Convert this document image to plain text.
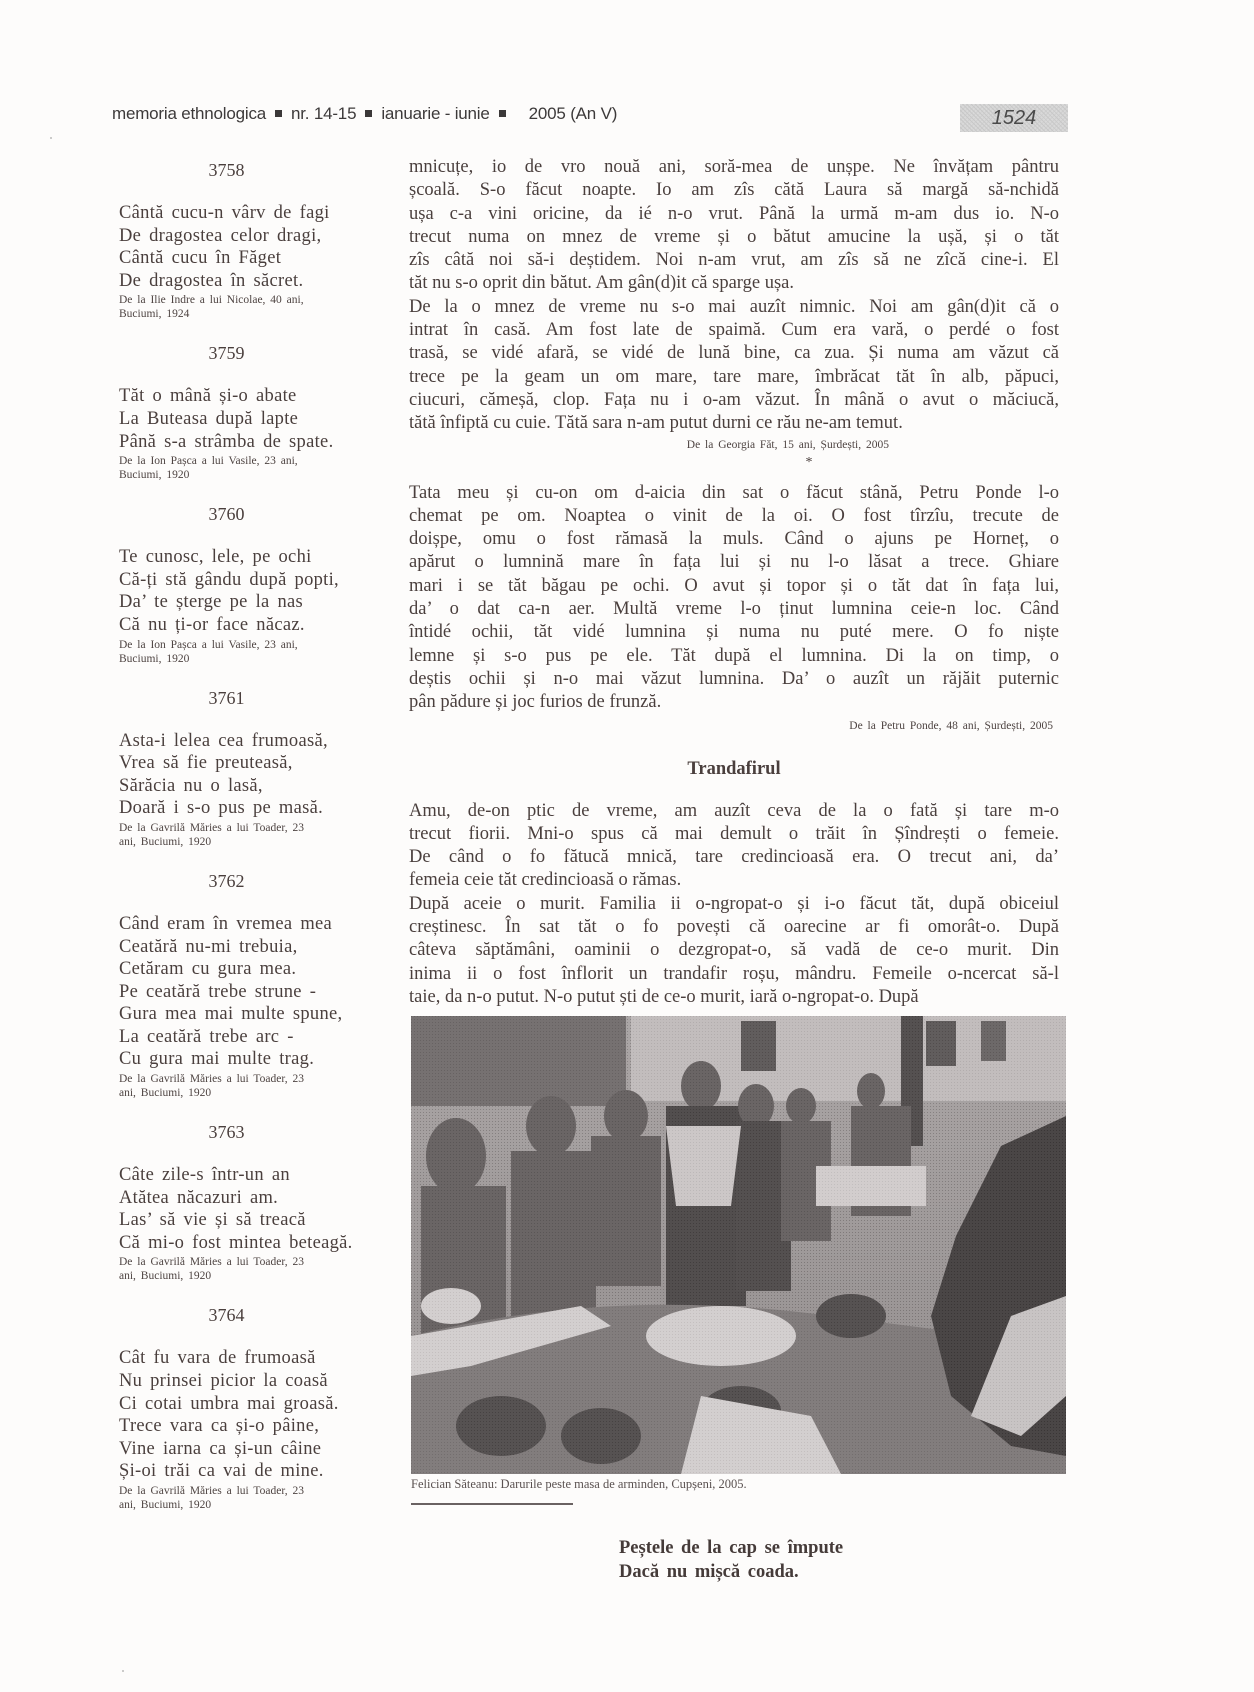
memoria ethnologica nr. 14-15 ianuarie - iunie 2005 (An V)	1524
3758
Cântă cucu-n vârv de fagi
De dragostea celor dragi,
Cântă cucu în Făget
De dragostea în săcret.
De la Ilie Indre a lui Nicolae, 40 ani,
Buciumi, 1924
3759
Tăt o mână și-o abate
La Buteasa după lapte
Până s-a strâmba de spate.
De la Ion Pașca a lui Vasile, 23 ani,
Buciumi, 1920
3760
Te cunosc, lele, pe ochi
Că-ți stă gându după popti,
Da’ te șterge pe la nas
Că nu ți-or face năcaz.
De la Ion Pașca a lui Vasile, 23 ani,
Buciumi, 1920
3761
Asta-i lelea cea frumoasă,
Vrea să fie preuteasă,
Sărăcia nu o lasă,
Doară i s-o pus pe masă.
De la Gavrilă Măries a lui Toader, 23
ani, Buciumi, 1920
3762
Când eram în vremea mea
Ceatără nu-mi trebuia,
Cetăram cu gura mea.
Pe ceatără trebe strune -
Gura mea mai multe spune,
La ceatără trebe arc -
Cu gura mai multe trag.
De la Gavrilă Măries a lui Toader, 23
ani, Buciumi, 1920
3763
Câte zile-s într-un an
Atătea năcazuri am.
Las’ să vie și să treacă
Că mi-o fost mintea beteagă.
De la Gavrilă Măries a lui Toader, 23
ani, Buciumi, 1920
3764
Cât fu vara de frumoasă
Nu prinsei picior la coasă
Ci cotai umbra mai groasă.
Trece vara ca și-o pâine,
Vine iarna ca și-un câine
Și-oi trăi ca vai de mine.
De la Gavrilă Măries a lui Toader, 23
ani, Buciumi, 1920
mnicuțe, io de vro nouă ani, soră-mea de unșpe. Ne învățam pântru
școală. S-o făcut noapte. Io am zîs cătă Laura să margă să-nchidă
ușa c-a vini oricine, da ié n-o vrut. Până la urmă m-am dus io. N-o
trecut numa on mnez de vreme și o bătut amucine la ușă, și o tăt
zîs câtă noi să-i deștidem. Noi n-am vrut, am zîs să ne zîcă cine-i. El
tăt nu s-o oprit din bătut. Am gân(d)it că sparge ușa.
De la o mnez de vreme nu s-o mai auzît nimnic. Noi am gân(d)it că o
intrat în casă. Am fost late de spaimă. Cum era vară, o perdé o fost
trasă, se vidé afară, se vidé de lună bine, ca zua. Și numa am văzut că
trece pe la geam un om mare, tare mare, îmbrăcat tăt în alb, păpuci,
ciucuri, cămeșă, clop. Fața nu i o-am văzut. În mână o avut o măciucă,
tătă înfiptă cu cuie. Tătă sara n-am putut durni ce rău ne-am temut.

De la Georgia Făt, 15 ani, Șurdești, 2005

*
Tata meu și cu-on om d-aicia din sat o făcut stână, Petru Ponde l-o
chemat pe om. Noaptea o vinit de la oi. O fost tîrzîu, trecute de
doișpe, omu o fost rămasă la muls. Când o ajuns pe Horneț, o
apărut o lumnină mare în fața lui și nu l-o lăsat a trece. Ghiare
mari i se tăt băgau pe ochi. O avut și topor și o tăt dat în fața lui,
da’ o dat ca-n aer. Multă vreme l-o ținut lumnina ceie-n loc. Când
întidé ochii, tăt vidé lumnina și numa nu puté mere. O fo niște
lemne și s-o pus pe ele. Tăt după el lumnina. Di la on timp, o
deștis ochii și n-o mai văzut lumnina. Da’ o auzît un răjăit puternic
pân pădure și joc furios de frunză.

De la Petru Ponde, 48 ani, Șurdești, 2005

Trandafirul
Amu, de-on ptic de vreme, am auzît ceva de la o fată și tare m-o
trecut fiorii. Mni-o spus că mai demult o trăit în Șîndrești o femeie.
De când o fo fătucă mnică, tare credincioasă era. O trecut ani, da’
femeia ceie tăt credincioasă o rămas.
După aceie o murit. Familia ii o-ngropat-o și i-o făcut tăt, după obiceiul
creștinesc. În sat tăt o fo povești că oarecine ar fi omorât-o. După
câteva săptămâni, oaminii o dezgropat-o, să vadă de ce-o murit. Din
inima ii o fost înflorit un trandafir roșu, mândru. Femeile o-ncercat să-l
taie, da n-o putut. N-o putut ști de ce-o murit, iară o-ngropat-o. După
Felician Săteanu: Darurile peste masa de arminden, Cupșeni, 2005.
Peștele de la cap se împute
Dacă nu mișcă coada.
